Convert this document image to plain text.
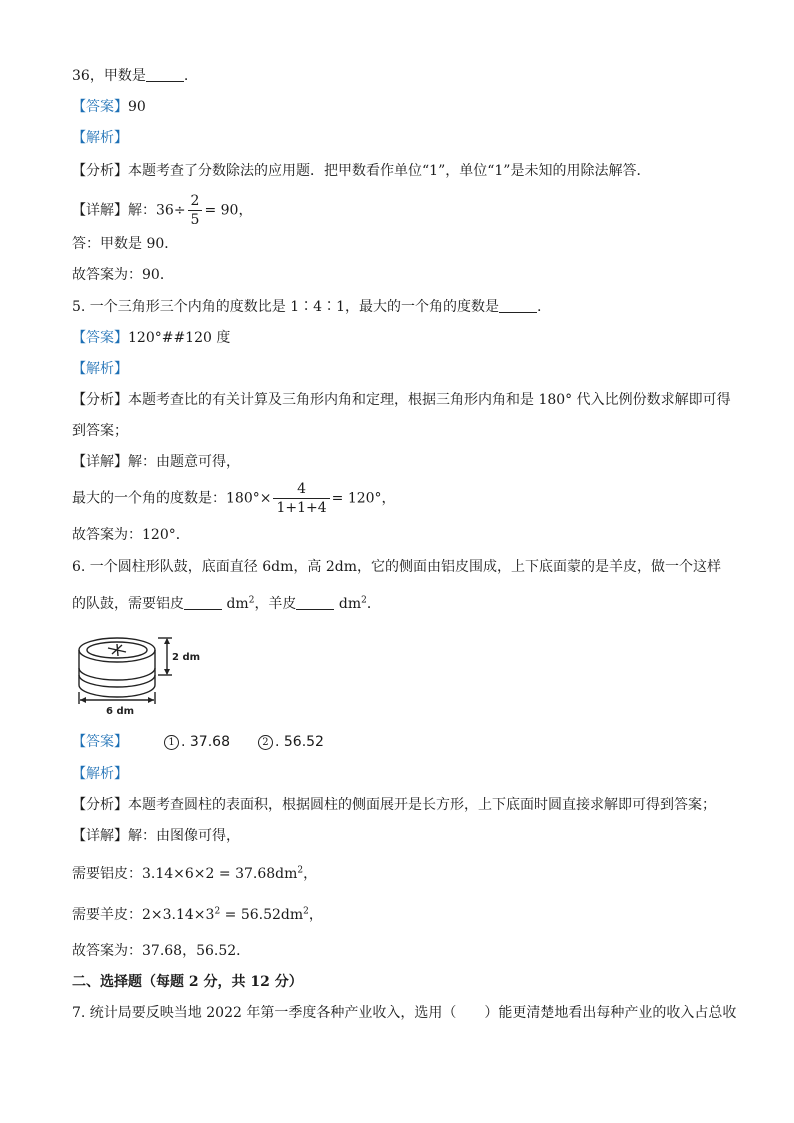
36，甲数是	.
【答案】90
【解析】
【分析】本题考查了分数除法的应用题．把甲数看作单位“1”，单位“1”是未知的用除法解答．
【详解】解：$36\div \frac{2}{5} = 90$，
答：甲数是 90．
故答案为：90．
5. 一个三角形三个内角的度数比是 1∶4∶1，最大的一个角的度数是	.
【答案】120°##120 度
【解析】
【分析】本题考查比的有关计算及三角形内角和定理，根据三角形内角和是 180° 代入比例份数求解即可得
到答案；
【详解】解：由题意可得，
最大的一个角的度数是：$180^\circ\times \frac{4}{1+1+4} = 120^\circ$，
故答案为：120°．
6. 一个圆柱形队鼓，底面直径 6dm，高 2dm，它的侧面由铝皮围成，上下底面蒙的是羊皮，做一个这样
的队鼓，需要铝皮	$dm^2$，羊皮	$dm^2$．
2 dm
6 dm
【答案】	1 . 37.68	2 . 56.52
【解析】
【分析】本题考查圆柱的表面积，根据圆柱的侧面展开是长方形，上下底面时圆直接求解即可得到答案；
【详解】解：由图像可得，
需要铝皮：$3.14\times 6\times 2 = 37.68dm^2$，
需要羊皮：$2\times 3.14\times 3^2 = 56.52dm^2$，
故答案为：37.68，56.52．
二、选择题（每题 2 分，共 12 分）
7. 统计局要反映当地 2022 年第一季度各种产业收入，选用（　　）能更清楚地看出每种产业的收入占总收
